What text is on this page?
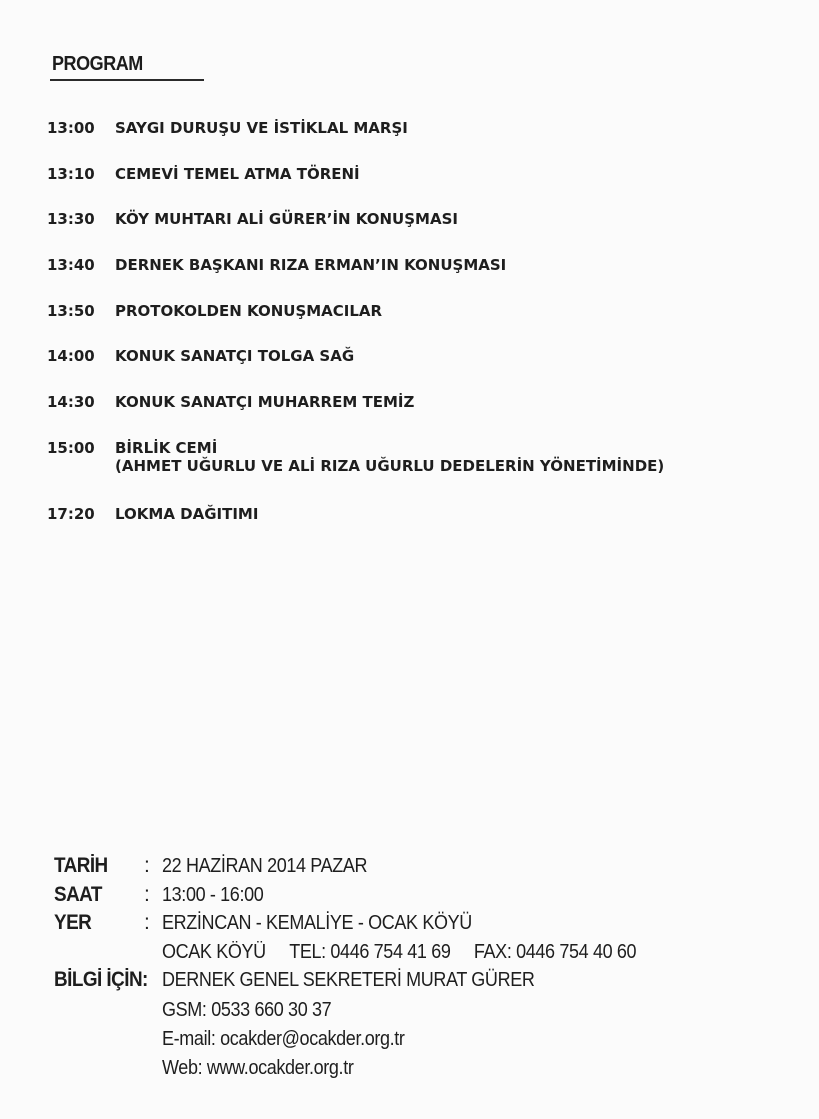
PROGRAM
13:00 SAYGI DURUŞU VE İSTİKLAL MARŞI
13:10 CEMEVİ TEMEL ATMA TÖRENİ
13:30 KÖY MUHTARI ALİ GÜRER’İN KONUŞMASI
13:40 DERNEK BAŞKANI RIZA ERMAN’IN KONUŞMASI
13:50 PROTOKOLDEN KONUŞMACILAR
14:00 KONUK SANATÇI TOLGA SAĞ
14:30 KONUK SANATÇI MUHARREM TEMİZ
15:00 BİRLİK CEMİ
(AHMET UĞURLU VE ALİ RIZA UĞURLU DEDELERİN YÖNETİMİNDE)
17:20 LOKMA DAĞITIMI
TARİH : 22 HAZİRAN 2014 PAZAR
SAAT : 13:00 - 16:00
YER	: ERZİNCAN - KEMALİYE - OCAK KÖYÜ
OCAK KÖYÜ TEL: 0446 754 41 69 FAX: 0446 754 40 60
BİLGİ İÇİN: DERNEK GENEL SEKRETERİ MURAT GÜRER
GSM: 0533 660 30 37
E-mail: ocakder@ocakder.org.tr
Web: www.ocakder.org.tr
